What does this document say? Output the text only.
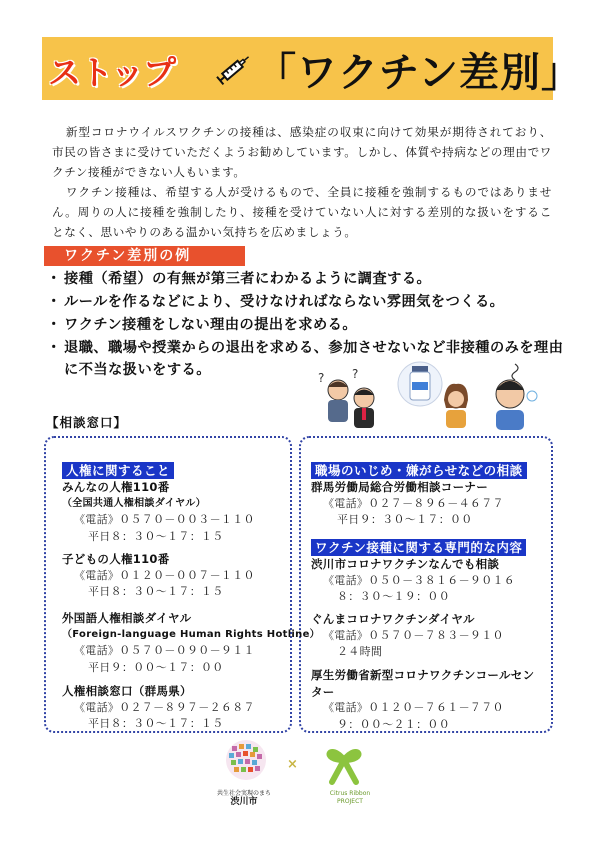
ストップ 「ワクチン差別」

新型コロナウイルスワクチンの接種は、感染症の収束に向けて効果が期待されており、市民の皆さまに受けていただくようお勧めしています。しかし、体質や持病などの理由でワクチン接種ができない人もいます。

ワクチン接種は、希望する人が受けるもので、全員に接種を強制するものではありません。周りの人に接種を強制したり、接種を受けていない人に対する差別的な扱いをすることなく、思いやりのある温かい気持ちを広めましょう。

ワクチン差別の例
・ 接種（希望）の有無が第三者にわかるように調査する。
・ ルールを作るなどにより、受けなければならない雰囲気をつくる。
・ ワクチン接種をしない理由の提出を求める。
・ 退職、職場や授業からの退出を求める、参加させないなど非接種のみを理由に不当な扱いをする。	? ?
【相談窓口】
人権に関すること
みんなの人権110番
（全国共通人権相談ダイヤル）
《電話》０５７０－００３－１１０
平日８：３０～１７：１５
子どもの人権110番
《電話》０１２０－００７－１１０
平日８：３０～１７：１５
外国語人権相談ダイヤル
（Foreign-language Human Rights Hotline）
《電話》０５７０－０９０－９１１
平日９：００～１７：００
人権相談窓口（群馬県）
《電話》０２７－８９７－２６８７
平日８：３０～１７：１５
職場のいじめ・嫌がらせなどの相談
群馬労働局総合労働相談コーナー
《電話》０２７－８９６－４６７７
平日９：３０～１７：００
ワクチン接種に関する専門的な内容
渋川市コロナワクチンなんでも相談
《電話》０５０－３８１６－９０１６
８：３０～１９：００
ぐんまコロナワクチンダイヤル
《電話》０５７０－７８３－９１０
２４時間
厚生労働省新型コロナワクチンコールセンター
《電話》０１２０－７６１－７７０
９：００～２１：００
共生社会実現のまち
渋川市
×
Citrus Ribbon
PROJECT
